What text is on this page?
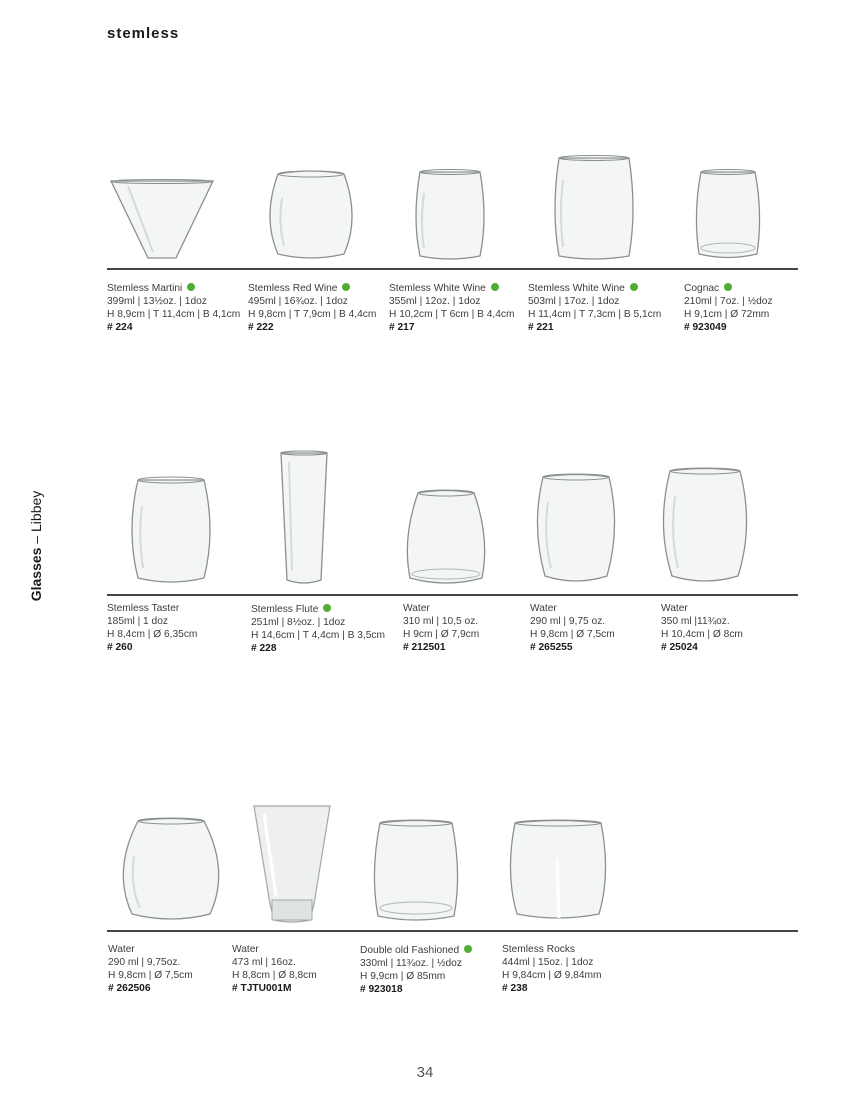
stemless
Glasses – Libbey
Stemless Martini
399ml | 13½oz. | 1doz
H 8,9cm | T 11,4cm | B 4,1cm
# 224
Stemless Red Wine
495ml | 16¾oz. | 1doz
H 9,8cm | T 7,9cm | B 4,4cm
# 222
Stemless White Wine
355ml | 12oz. | 1doz
H 10,2cm | T 6cm | B 4,4cm
# 217
Stemless White Wine
503ml | 17oz. | 1doz
H 11,4cm | T 7,3cm | B 5,1cm
# 221
Cognac
210ml | 7oz. | ½doz
H 9,1cm | Ø 72mm
# 923049
Stemless Taster
185ml | 1 doz
H 8,4cm | Ø 6,35cm
# 260
Stemless Flute
251ml | 8½oz. | 1doz
H 14,6cm | T 4,4cm | B 3,5cm
# 228
Water
310 ml | 10,5 oz.
H 9cm | Ø 7,9cm
# 212501
Water
290 ml | 9,75 oz.
H 9,8cm | Ø 7,5cm
# 265255
Water
350 ml |11¾oz.
H 10,4cm | Ø 8cm
# 25024
Water
290 ml | 9,75oz.
H 9,8cm | Ø 7,5cm
# 262506
Water
473 ml | 16oz.
H 8,8cm | Ø 8,8cm
# TJTU001M
Double old Fashioned
330ml | 11¾oz. | ½doz
H 9,9cm | Ø 85mm
# 923018
Stemless Rocks
444ml | 15oz. | 1doz
H 9,84cm | Ø 9,84mm
# 238
34
